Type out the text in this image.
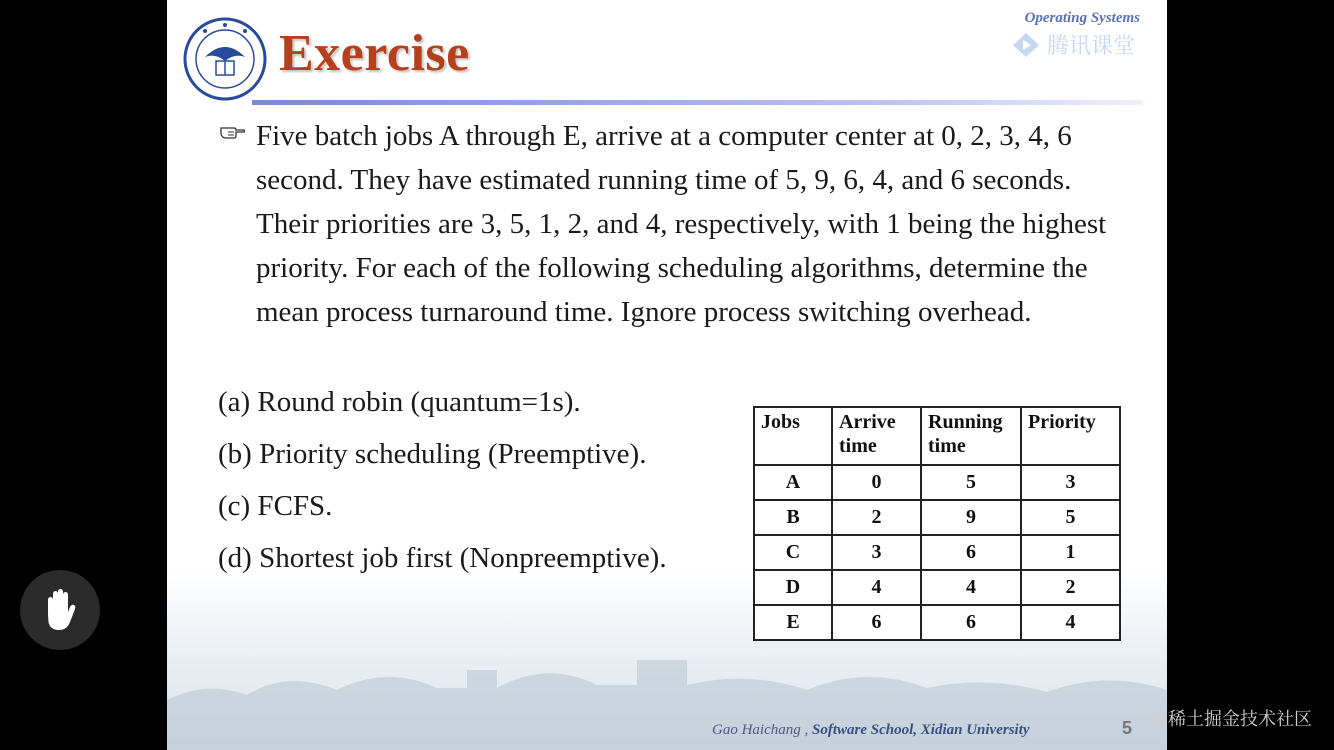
Exercise
Operating Systems
腾讯课堂
Five batch jobs A through E, arrive at a computer center at 0, 2, 3, 4, 6 second. They have estimated running time of 5, 9, 6, 4, and 6 seconds. Their priorities are 3, 5, 1, 2, and 4, respectively, with 1 being the highest priority. For each of the following scheduling algorithms, determine the mean process turnaround time. Ignore process switching overhead.
(a) Round robin (quantum=1s).
(b) Priority scheduling (Preemptive).
(c) FCFS.
(d) Shortest job first (Nonpreemptive).
Jobs	Arrive time	Running time	Priority
A	0	5	3
B	2	9	5
C	3	6	1
D	4	4	2
E	6	6	4
Gao Haichang , Software School, Xidian University	5 @稀土掘金技术社区
